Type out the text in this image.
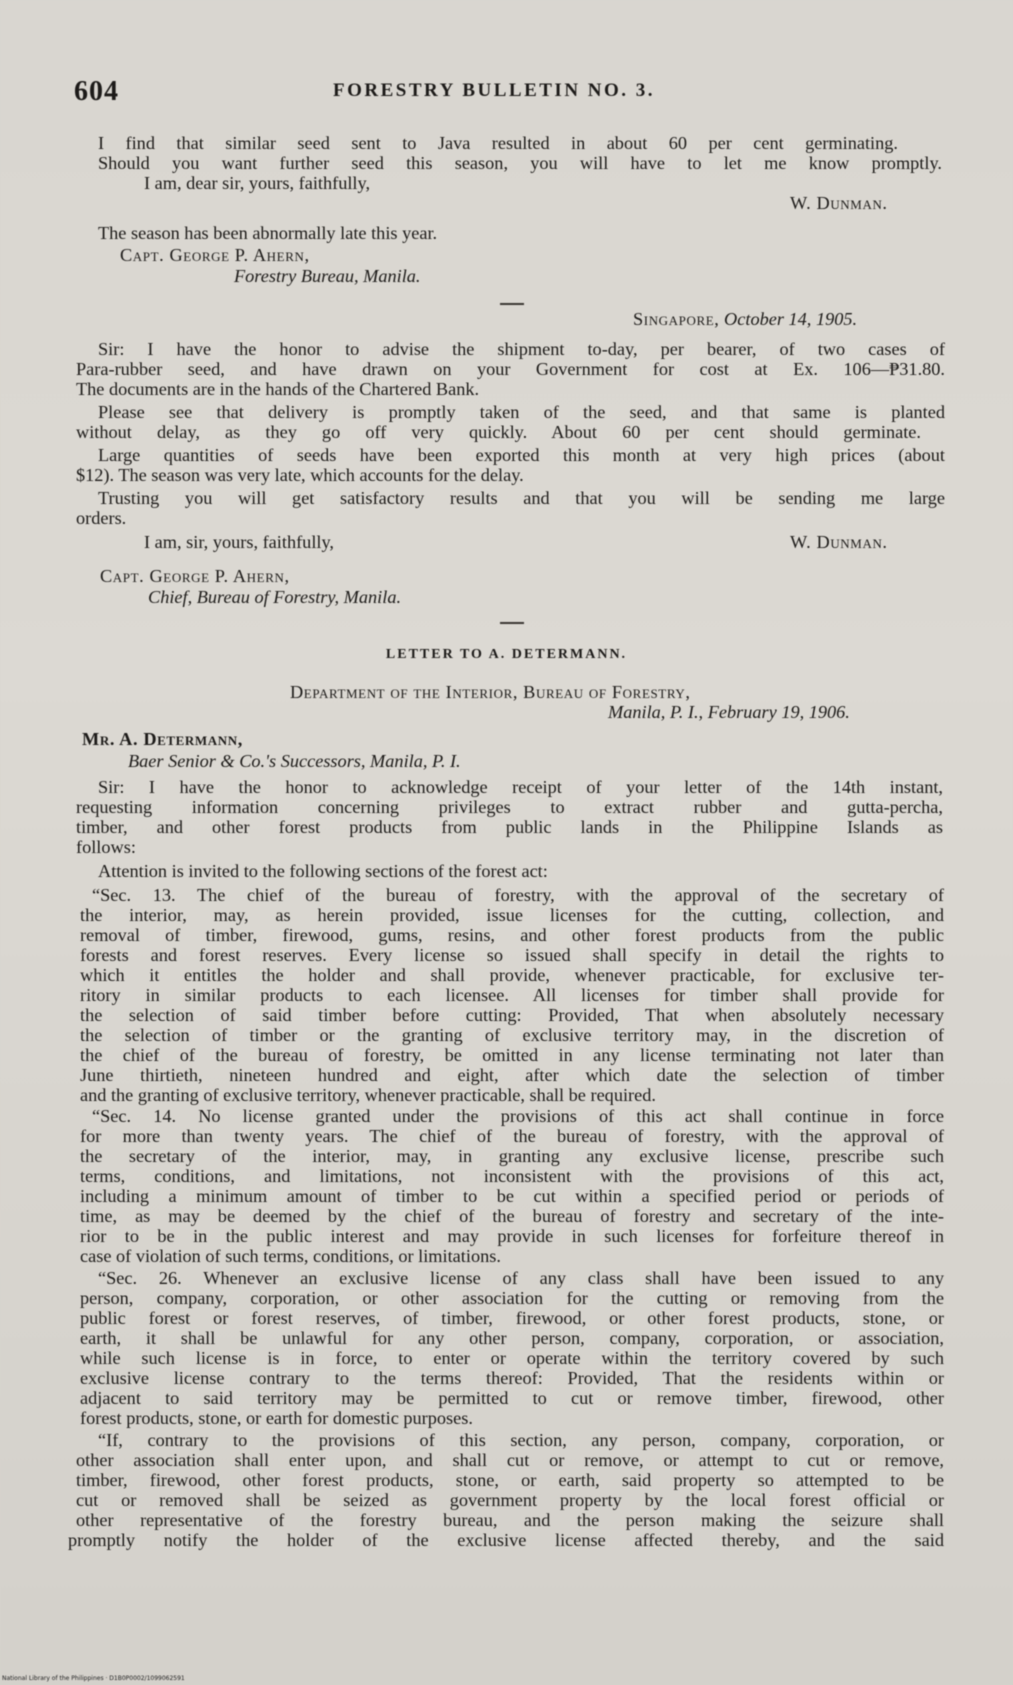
604	FORESTRY BULLETIN NO. 3.
I find that similar seed sent to Java resulted in about 60 per cent germinating.
Should you want further seed this season, you will have to let me know promptly.
I am, dear sir, yours, faithfully,
W. Dunman.
The season has been abnormally late this year.
Capt. George P. Ahern,
Forestry Bureau, Manila.
Singapore, October 14, 1905.
Sir: I have the honor to advise the shipment to-day, per bearer, of two cases of
Para-rubber seed, and have drawn on your Government for cost at Ex. 106—₱31.80.
The documents are in the hands of the Chartered Bank.
Please see that delivery is promptly taken of the seed, and that same is planted
without delay, as they go off very quickly. About 60 per cent should germinate.
Large quantities of seeds have been exported this month at very high prices (about
$12). The season was very late, which accounts for the delay.
Trusting you will get satisfactory results and that you will be sending me large
orders.
I am, sir, yours, faithfully,	W. Dunman.
Capt. George P. Ahern,
Chief, Bureau of Forestry, Manila.
LETTER TO A. DETERMANN.
Department of the Interior, Bureau of Forestry,
Manila, P. I., February 19, 1906.
Mr. A. Determann,
Baer Senior & Co.'s Successors, Manila, P. I.
Sir: I have the honor to acknowledge receipt of your letter of the 14th instant,
requesting information concerning privileges to extract rubber and gutta-percha,
timber, and other forest products from public lands in the Philippine Islands as
follows:
Attention is invited to the following sections of the forest act:
“Sec. 13. The chief of the bureau of forestry, with the approval of the secretary of
the interior, may, as herein provided, issue licenses for the cutting, collection, and
removal of timber, firewood, gums, resins, and other forest products from the public
forests and forest reserves. Every license so issued shall specify in detail the rights to
which it entitles the holder and shall provide, whenever practicable, for exclusive ter-
ritory in similar products to each licensee. All licenses for timber shall provide for
the selection of said timber before cutting: Provided, That when absolutely necessary
the selection of timber or the granting of exclusive territory may, in the discretion of
the chief of the bureau of forestry, be omitted in any license terminating not later than
June thirtieth, nineteen hundred and eight, after which date the selection of timber
and the granting of exclusive territory, whenever practicable, shall be required.
“Sec. 14. No license granted under the provisions of this act shall continue in force
for more than twenty years. The chief of the bureau of forestry, with the approval of
the secretary of the interior, may, in granting any exclusive license, prescribe such
terms, conditions, and limitations, not inconsistent with the provisions of this act,
including a minimum amount of timber to be cut within a specified period or periods of
time, as may be deemed by the chief of the bureau of forestry and secretary of the inte-
rior to be in the public interest and may provide in such licenses for forfeiture thereof in
case of violation of such terms, conditions, or limitations.
“Sec. 26. Whenever an exclusive license of any class shall have been issued to any
person, company, corporation, or other association for the cutting or removing from the
public forest or forest reserves, of timber, firewood, or other forest products, stone, or
earth, it shall be unlawful for any other person, company, corporation, or association,
while such license is in force, to enter or operate within the territory covered by such
exclusive license contrary to the terms thereof: Provided, That the residents within or
adjacent to said territory may be permitted to cut or remove timber, firewood, other
forest products, stone, or earth for domestic purposes.
“If, contrary to the provisions of this section, any person, company, corporation, or
other association shall enter upon, and shall cut or remove, or attempt to cut or remove,
timber, firewood, other forest products, stone, or earth, said property so attempted to be
cut or removed shall be seized as government property by the local forest official or
other representative of the forestry bureau, and the person making the seizure shall
promptly notify the holder of the exclusive license affected thereby, and the said
National Library of the Philippines · D1B0P0002/1099062591
